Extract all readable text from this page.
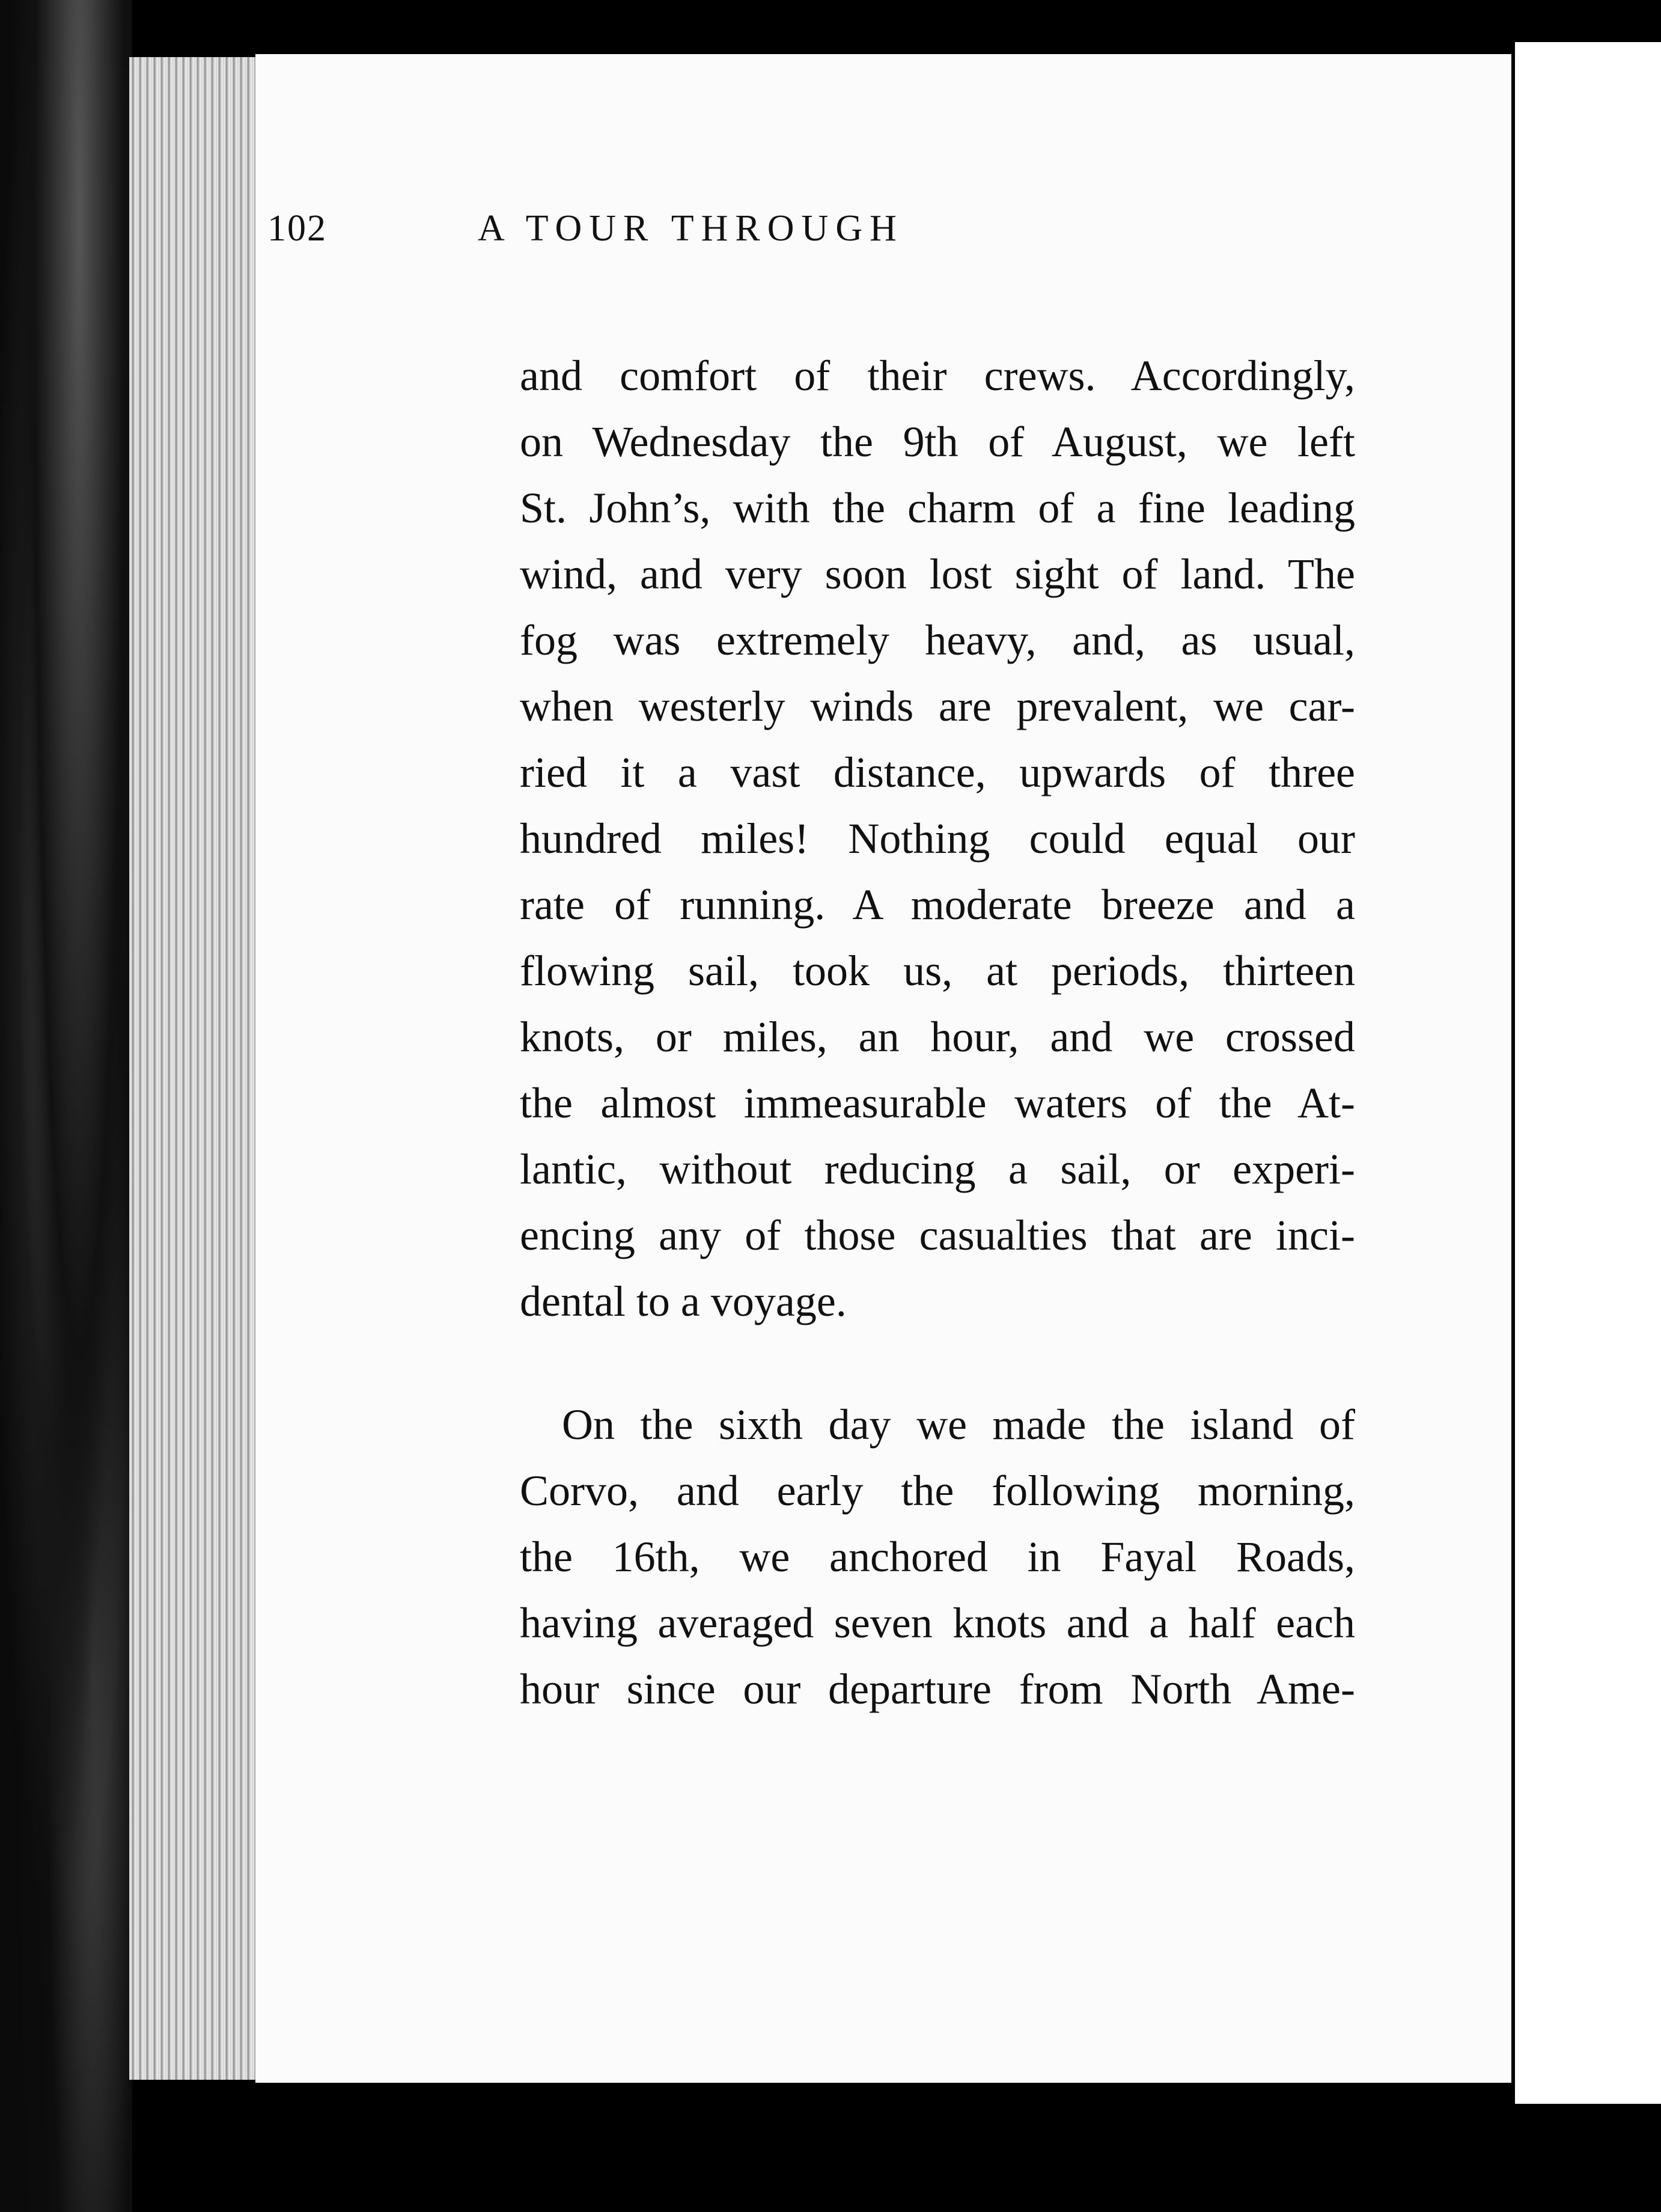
102	A TOUR THROUGH
and comfort of their crews. Accordingly,
on Wednesday the 9th of August, we left
St. John’s, with the charm of a fine leading
wind, and very soon lost sight of land. The
fog was extremely heavy, and, as usual,
when westerly winds are prevalent, we car-
ried it a vast distance, upwards of three
hundred miles! Nothing could equal our
rate of running. A moderate breeze and a
flowing sail, took us, at periods, thirteen
knots, or miles, an hour, and we crossed
the almost immeasurable waters of the At-
lantic, without reducing a sail, or experi-
encing any of those casualties that are inci-
dental to a voyage.
On the sixth day we made the island of
Corvo, and early the following morning,
the 16th, we anchored in Fayal Roads,
having averaged seven knots and a half each
hour since our departure from North Ame-
